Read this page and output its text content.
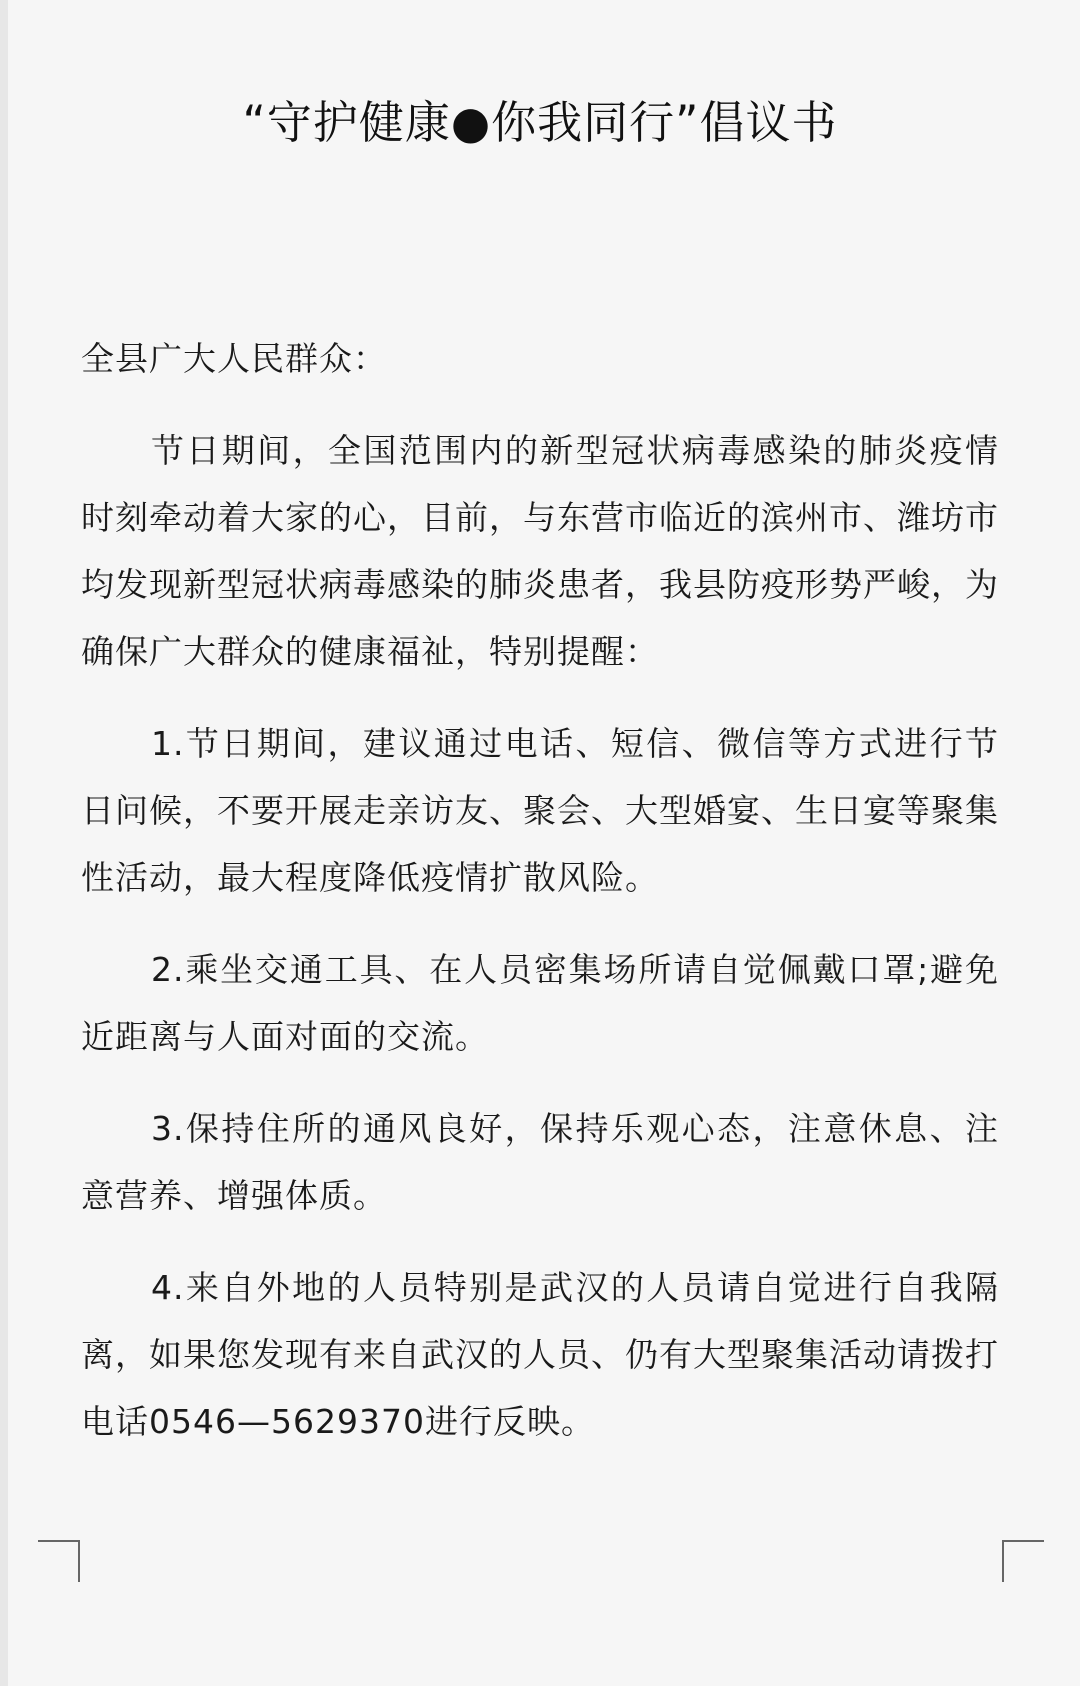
“守护健康●你我同行”倡议书

全县广大人民群众：

节日期间，全国范围内的新型冠状病毒感染的肺炎疫情时刻牵动着大家的心，目前，与东营市临近的滨州市、潍坊市均发现新型冠状病毒感染的肺炎患者，我县防疫形势严峻，为确保广大群众的健康福祉，特别提醒：

1.节日期间，建议通过电话、短信、微信等方式进行节日问候，不要开展走亲访友、聚会、大型婚宴、生日宴等聚集性活动，最大程度降低疫情扩散风险。

2.乘坐交通工具、在人员密集场所请自觉佩戴口罩;避免近距离与人面对面的交流。

3.保持住所的通风良好，保持乐观心态，注意休息、注意营养、增强体质。

4.来自外地的人员特别是武汉的人员请自觉进行自我隔离，如果您发现有来自武汉的人员、仍有大型聚集活动请拨打电话0546—5629370进行反映。
